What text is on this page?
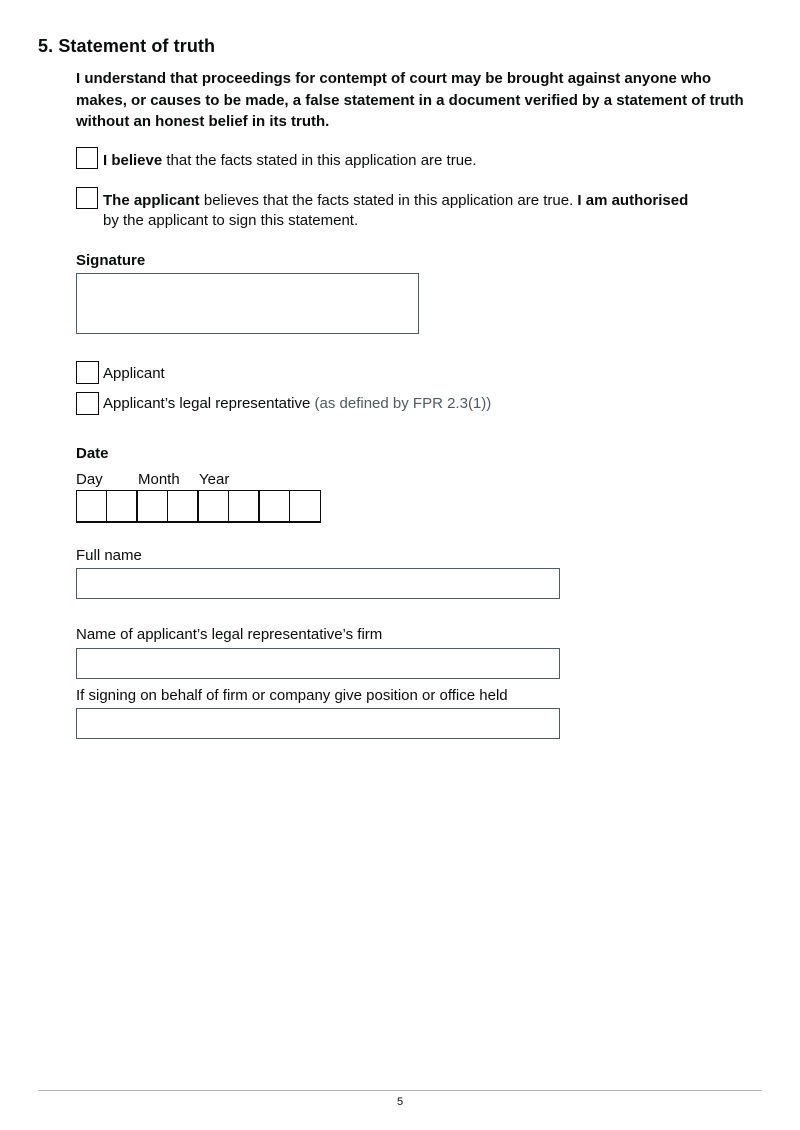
5. Statement of truth
I understand that proceedings for contempt of court may be brought against anyone who makes, or causes to be made, a false statement in a document verified by a statement of truth without an honest belief in its truth.
I believe that the facts stated in this application are true.
The applicant believes that the facts stated in this application are true. I am authorised
by the applicant to sign this statement.
Signature
Applicant
Applicant’s legal representative (as defined by FPR 2.3(1))
Date
Day Month Year
Full name
Name of applicant’s legal representative’s firm
If signing on behalf of firm or company give position or office held
5
